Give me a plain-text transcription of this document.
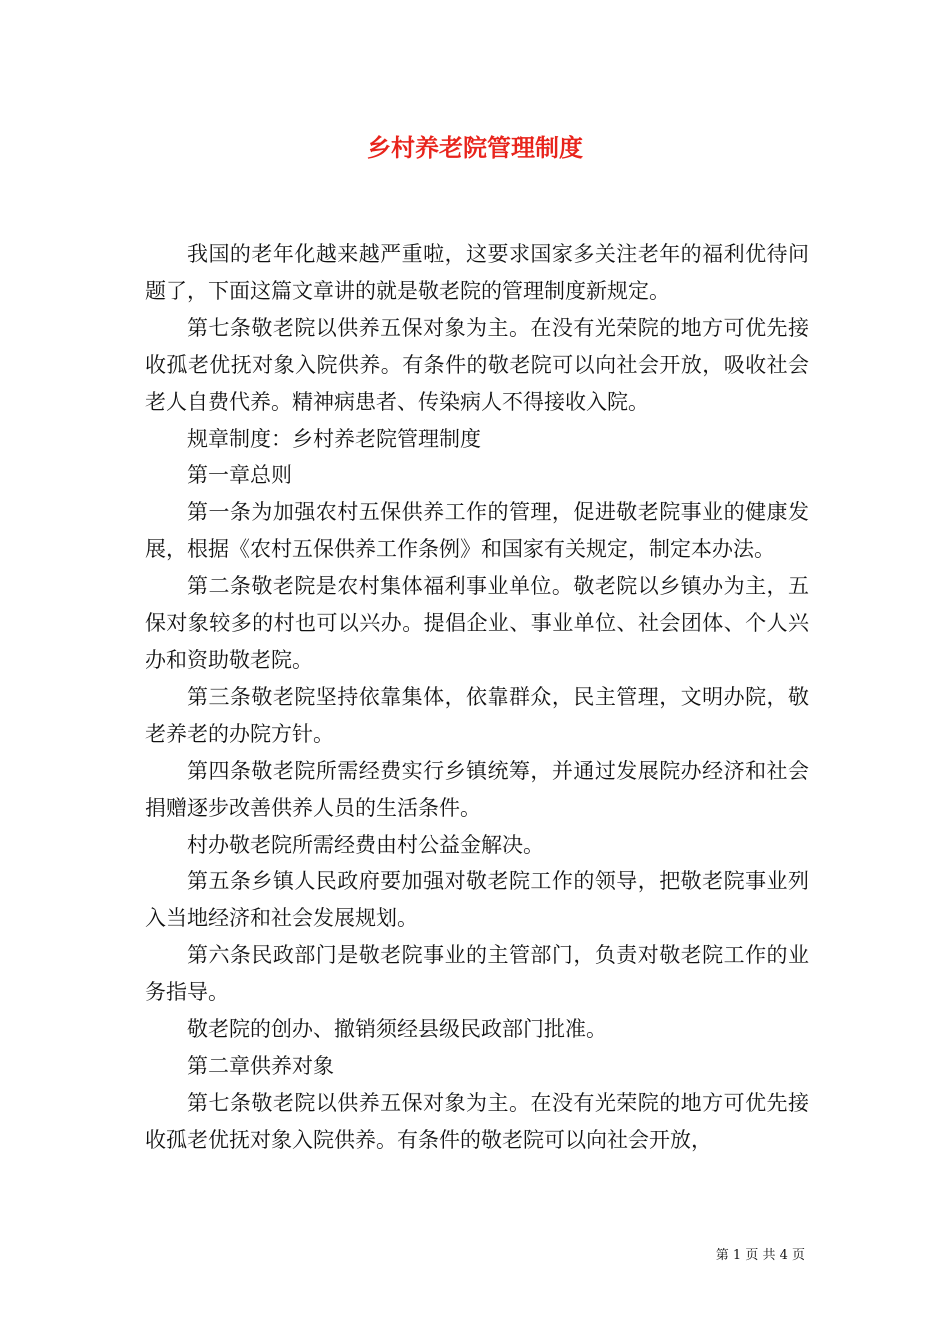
乡村养老院管理制度

我国的老年化越来越严重啦，这要求国家多关注老年的福利优待问题了，下面这篇文章讲的就是敬老院的管理制度新规定。

第七条敬老院以供养五保对象为主。在没有光荣院的地方可优先接收孤老优抚对象入院供养。有条件的敬老院可以向社会开放，吸收社会老人自费代养。精神病患者、传染病人不得接收入院。

规章制度：乡村养老院管理制度

第一章总则

第一条为加强农村五保供养工作的管理，促进敬老院事业的健康发展，根据《农村五保供养工作条例》和国家有关规定，制定本办法。

第二条敬老院是农村集体福利事业单位。敬老院以乡镇办为主，五保对象较多的村也可以兴办。提倡企业、事业单位、社会团体、个人兴办和资助敬老院。

第三条敬老院坚持依靠集体，依靠群众，民主管理，文明办院，敬老养老的办院方针。

第四条敬老院所需经费实行乡镇统筹，并通过发展院办经济和社会捐赠逐步改善供养人员的生活条件。

村办敬老院所需经费由村公益金解决。

第五条乡镇人民政府要加强对敬老院工作的领导，把敬老院事业列入当地经济和社会发展规划。

第六条民政部门是敬老院事业的主管部门，负责对敬老院工作的业务指导。

敬老院的创办、撤销须经县级民政部门批准。

第二章供养对象

第七条敬老院以供养五保对象为主。在没有光荣院的地方可优先接收孤老优抚对象入院供养。有条件的敬老院可以向社会开放，

第 1 页 共 4 页
